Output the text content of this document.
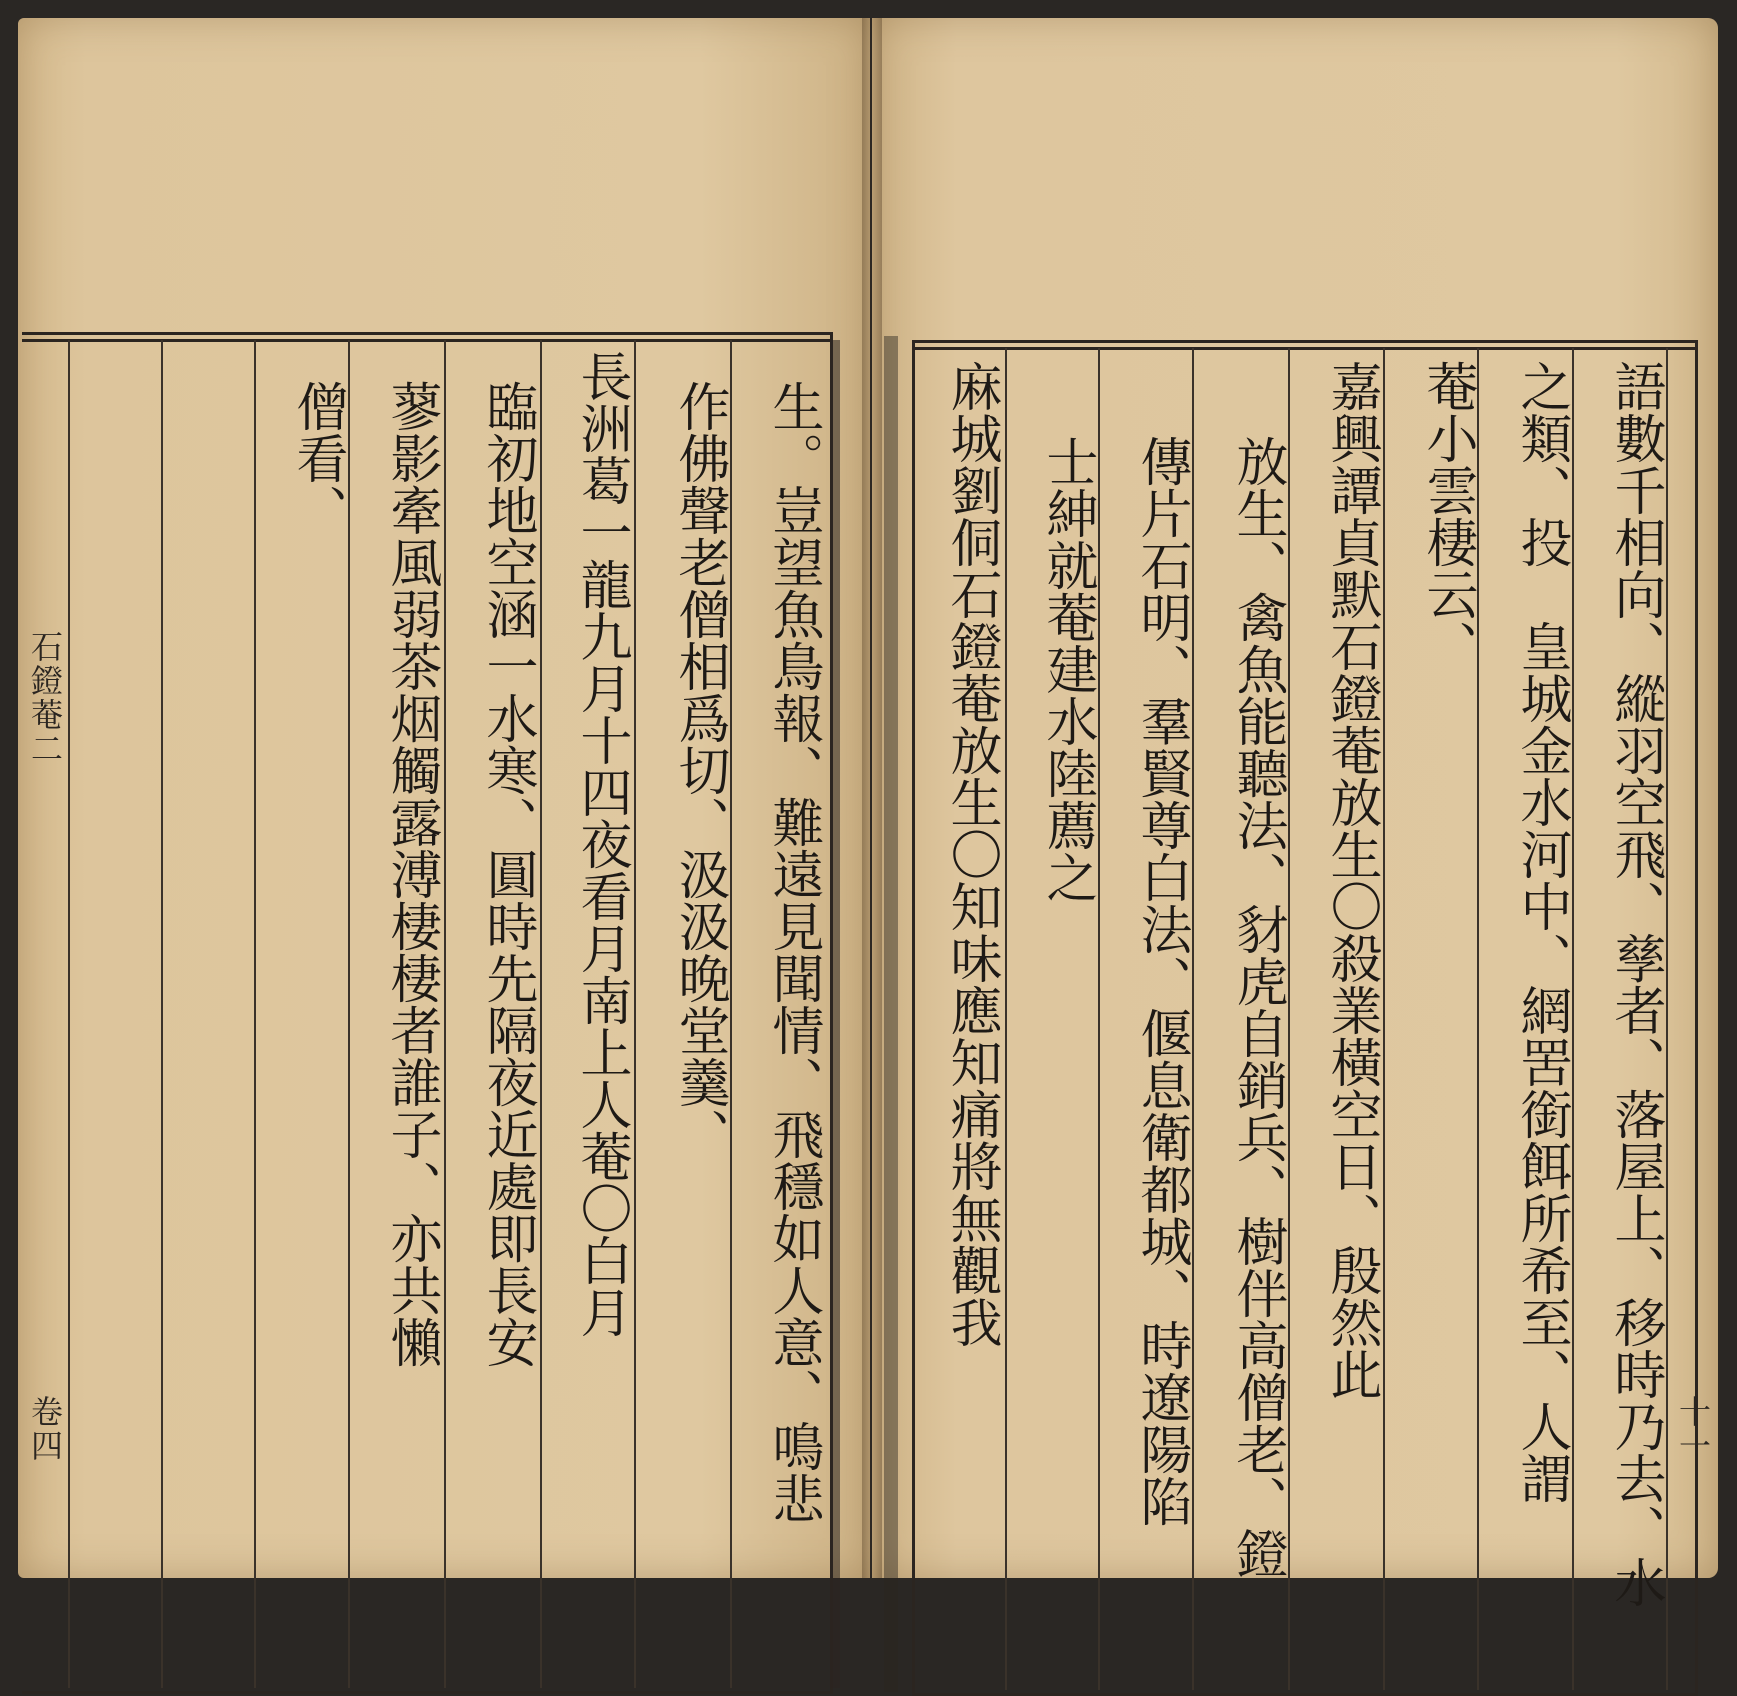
石鐙菴二
卷四	生。豈望魚鳥報、難遠見聞情、飛穩如人意、鳴悲
作佛聲老僧相爲切、汲汲晚堂羹、
長洲葛一龍九月十四夜看月南上人菴〇白月
臨初地空涵一水寒、圓時先隔夜近處即長安
蓼影牽風弱茶烟觸露溥棲棲者誰子、亦共懶
僧看、
十一
語數千相向、縱羽空飛、孳者、落屋上、移時乃去、水
之類、投　皇城金水河中、網罟銜餌所希至、人謂
菴小雲棲云、
嘉興譚貞默石鐙菴放生〇殺業橫空日、殷然此
放生、禽魚能聽法、豺虎自銷兵、樹伴高僧老、鐙
傳片石明、羣賢尊白法、偃息衛都城、時遼陽陷
士紳就菴建水陸薦之
麻城劉侗石鐙菴放生〇知味應知痛將無觀我
